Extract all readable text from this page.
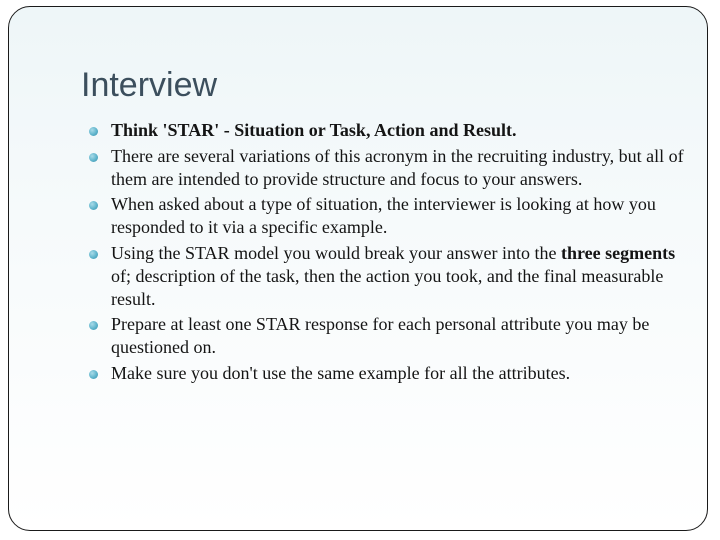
Interview
Think 'STAR' - Situation or Task, Action and Result.
There are several variations of this acronym in the recruiting industry, but all of them are intended to provide structure and focus to your answers.
When asked about a type of situation, the interviewer is looking at how you responded to it via a specific example.
Using the STAR model you would break your answer into the three segments of; description of the task, then the action you took, and the final measurable result.
Prepare at least one STAR response for each personal attribute you may be questioned on.
Make sure you don't use the same example for all the attributes.
